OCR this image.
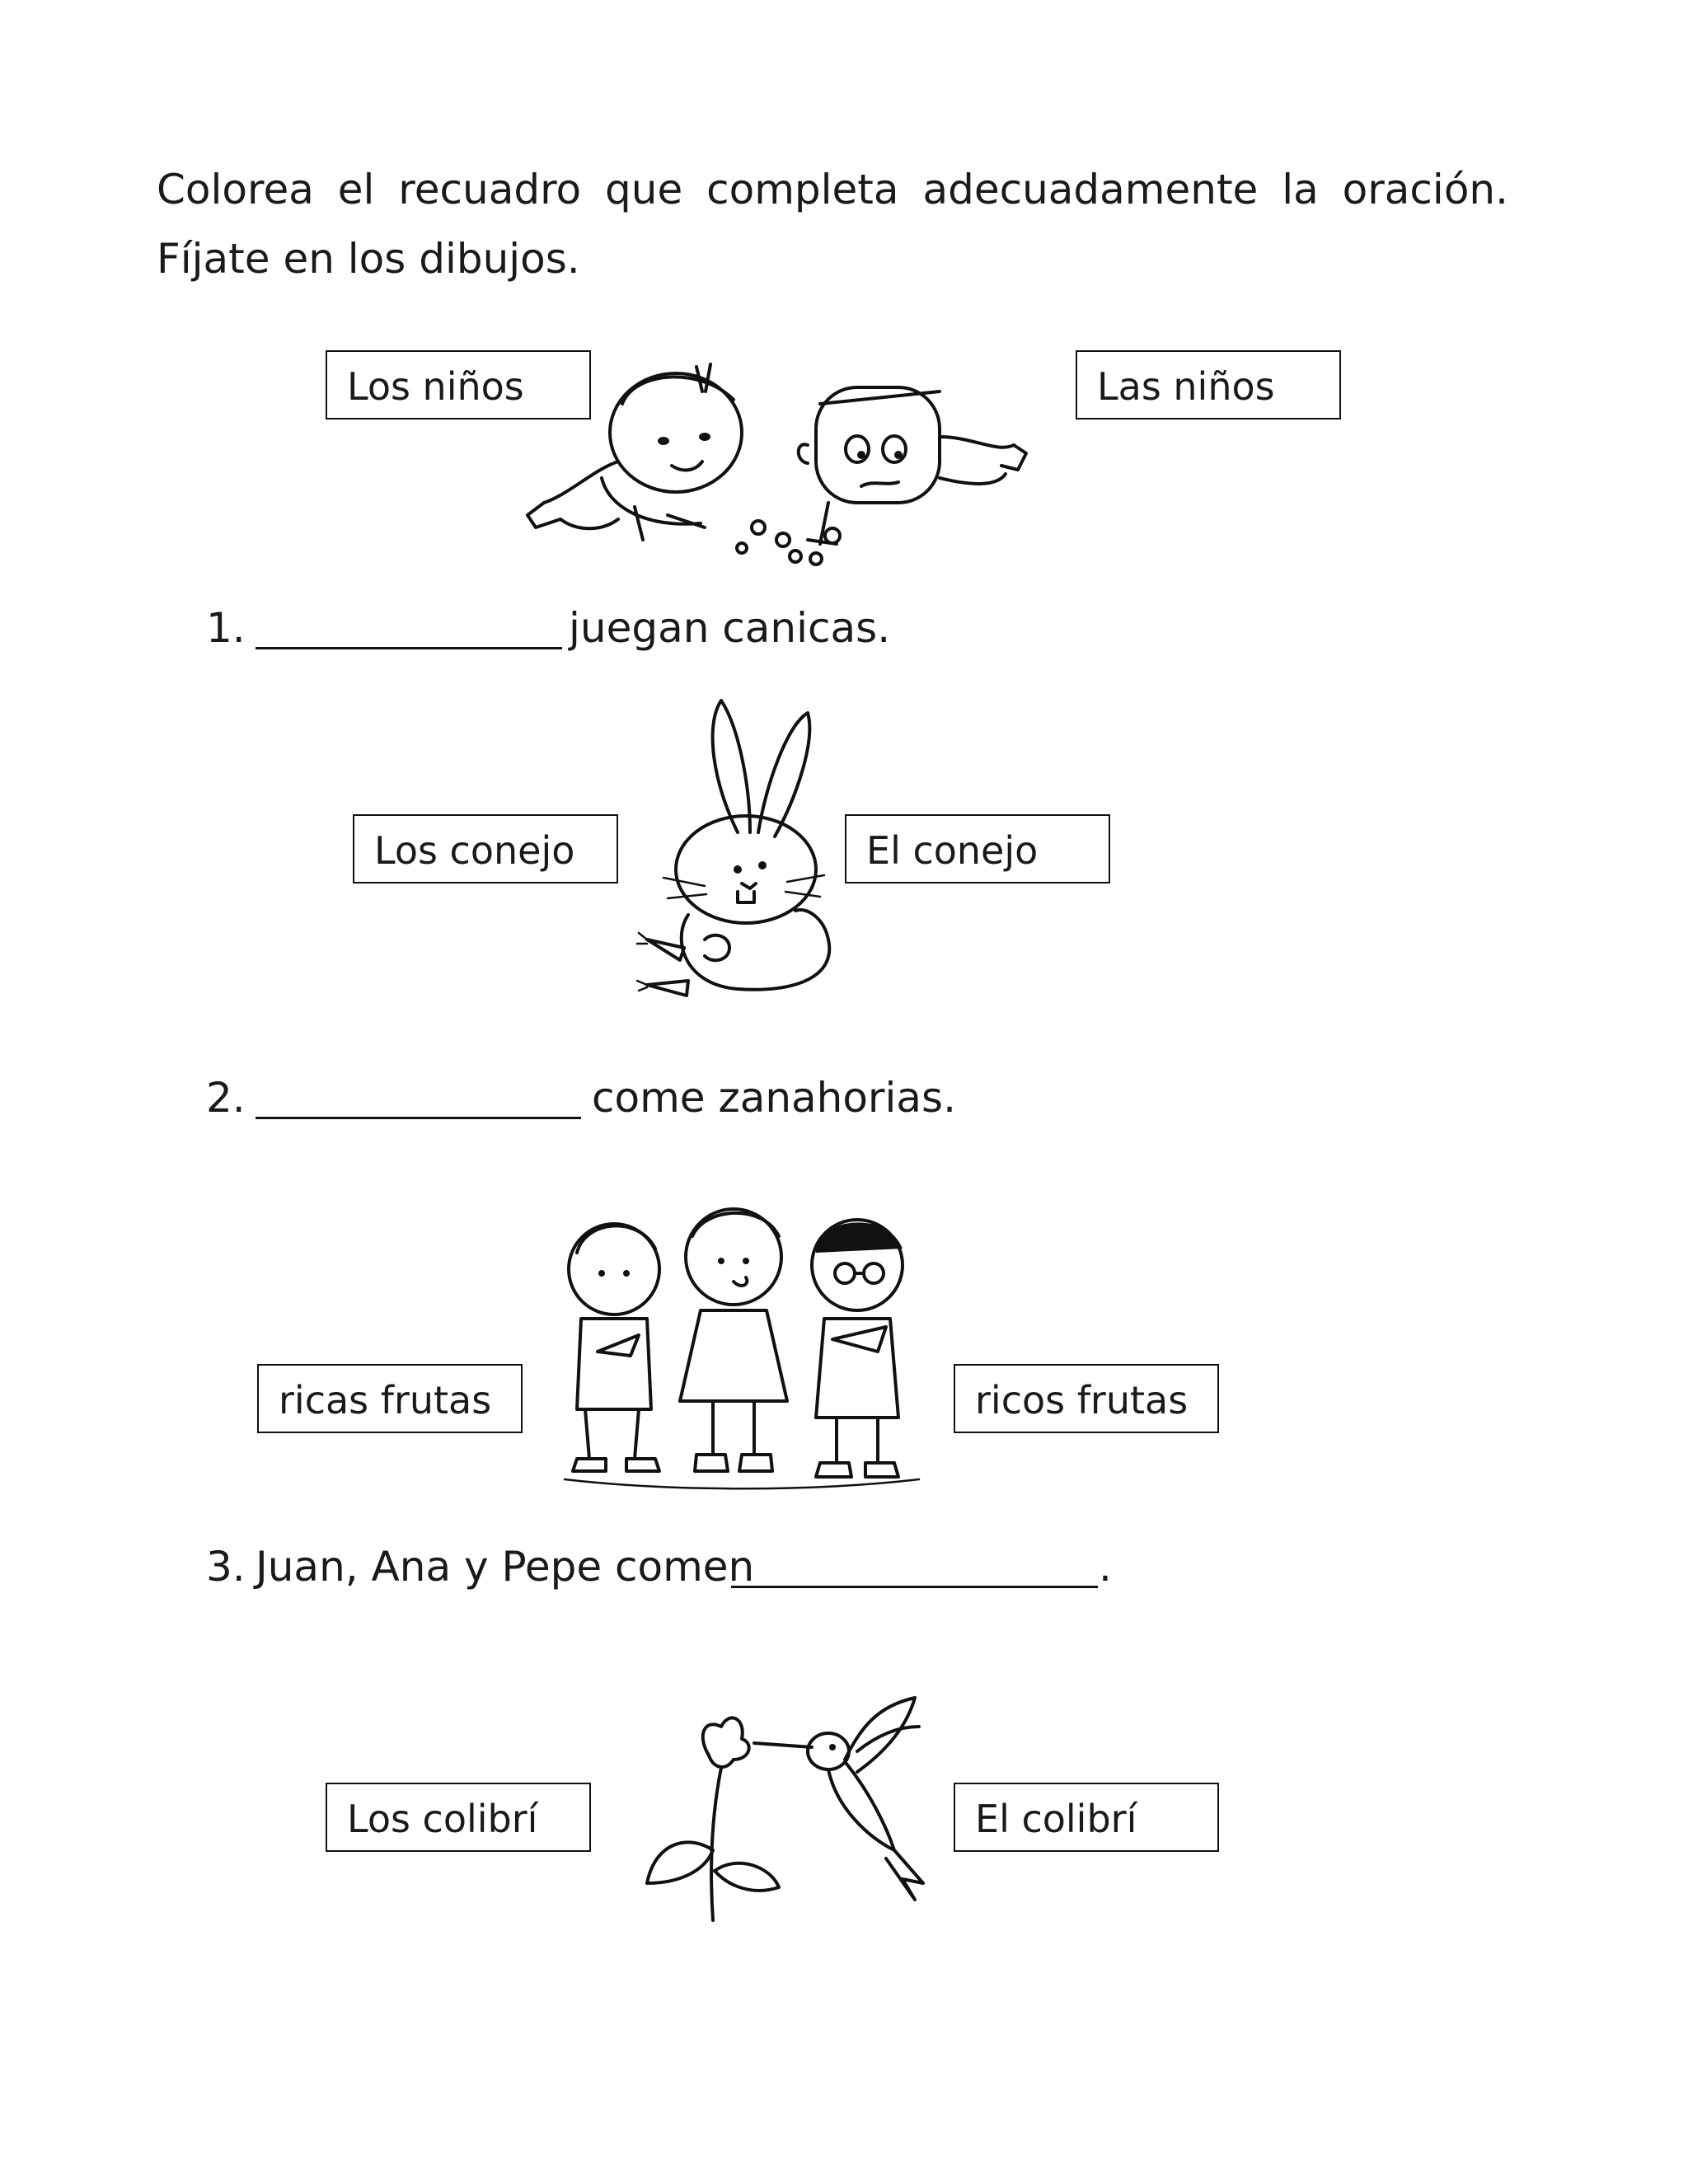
Colorea el recuadro que completa adecuadamente la oración. Fíjate en los dibujos.
Los niños	Las niños
1.	juegan canicas.
Los conejo	El conejo
2.	come zanahorias.
ricas frutas	ricos frutas
3. Juan, Ana y Pepe comen	.
Los colibrí	El colibrí
